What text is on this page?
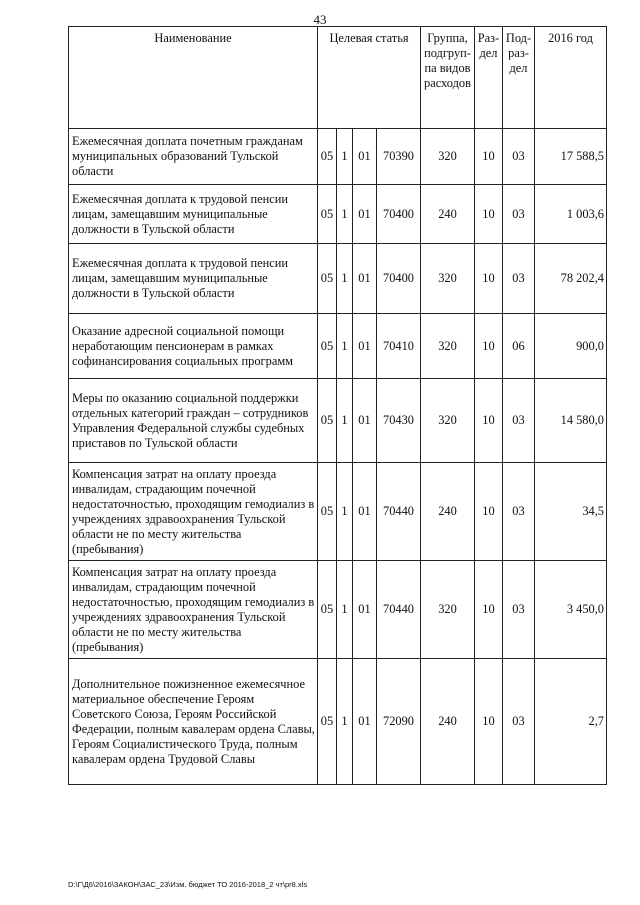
43
Наименование	Целевая статья				Группа, подгруп-па видов расходов	Раз-дел	Под-раз-дел	2016 год
Ежемесячная доплата почетным гражданам муниципальных образований Тульской области	05	1	01	70390	320	10	03	17 588,5
Ежемесячная доплата к трудовой пенсии лицам, замещавшим муниципальные должности в Тульской области	05	1	01	70400	240	10	03	1 003,6
Ежемесячная доплата к трудовой пенсии лицам, замещавшим муниципальные должности в Тульской области	05	1	01	70400	320	10	03	78 202,4
Оказание адресной социальной помощи неработающим пенсионерам в рамках софинансирования социальных программ	05	1	01	70410	320	10	06	900,0
Меры по оказанию социальной поддержки отдельных категорий граждан – сотрудников Управления Федеральной службы судебных приставов по Тульской области	05	1	01	70430	320	10	03	14 580,0
Компенсация затрат на оплату проезда инвалидам, страдающим почечной недостаточностью, проходящим гемодиализ в учреждениях здравоохранения Тульской области не по месту жительства (пребывания)	05	1	01	70440	240	10	03	34,5
Компенсация затрат на оплату проезда инвалидам, страдающим почечной недостаточностью, проходящим гемодиализ в учреждениях здравоохранения Тульской области не по месту жительства (пребывания)	05	1	01	70440	320	10	03	3 450,0
Дополнительное пожизненное ежемесячное материальное обеспечение Героям Советского Союза, Героям Российской Федерации, полным кавалерам ордена Славы, Героям Социалистического Труда, полным кавалерам ордена Трудовой Славы	05	1	01	72090	240	10	03	2,7
D:\Г\Д6\2016\ЗАКОН\ЗАС_23\Изм. бюджет ТО 2016-2018_2 чт\pr8.xls
